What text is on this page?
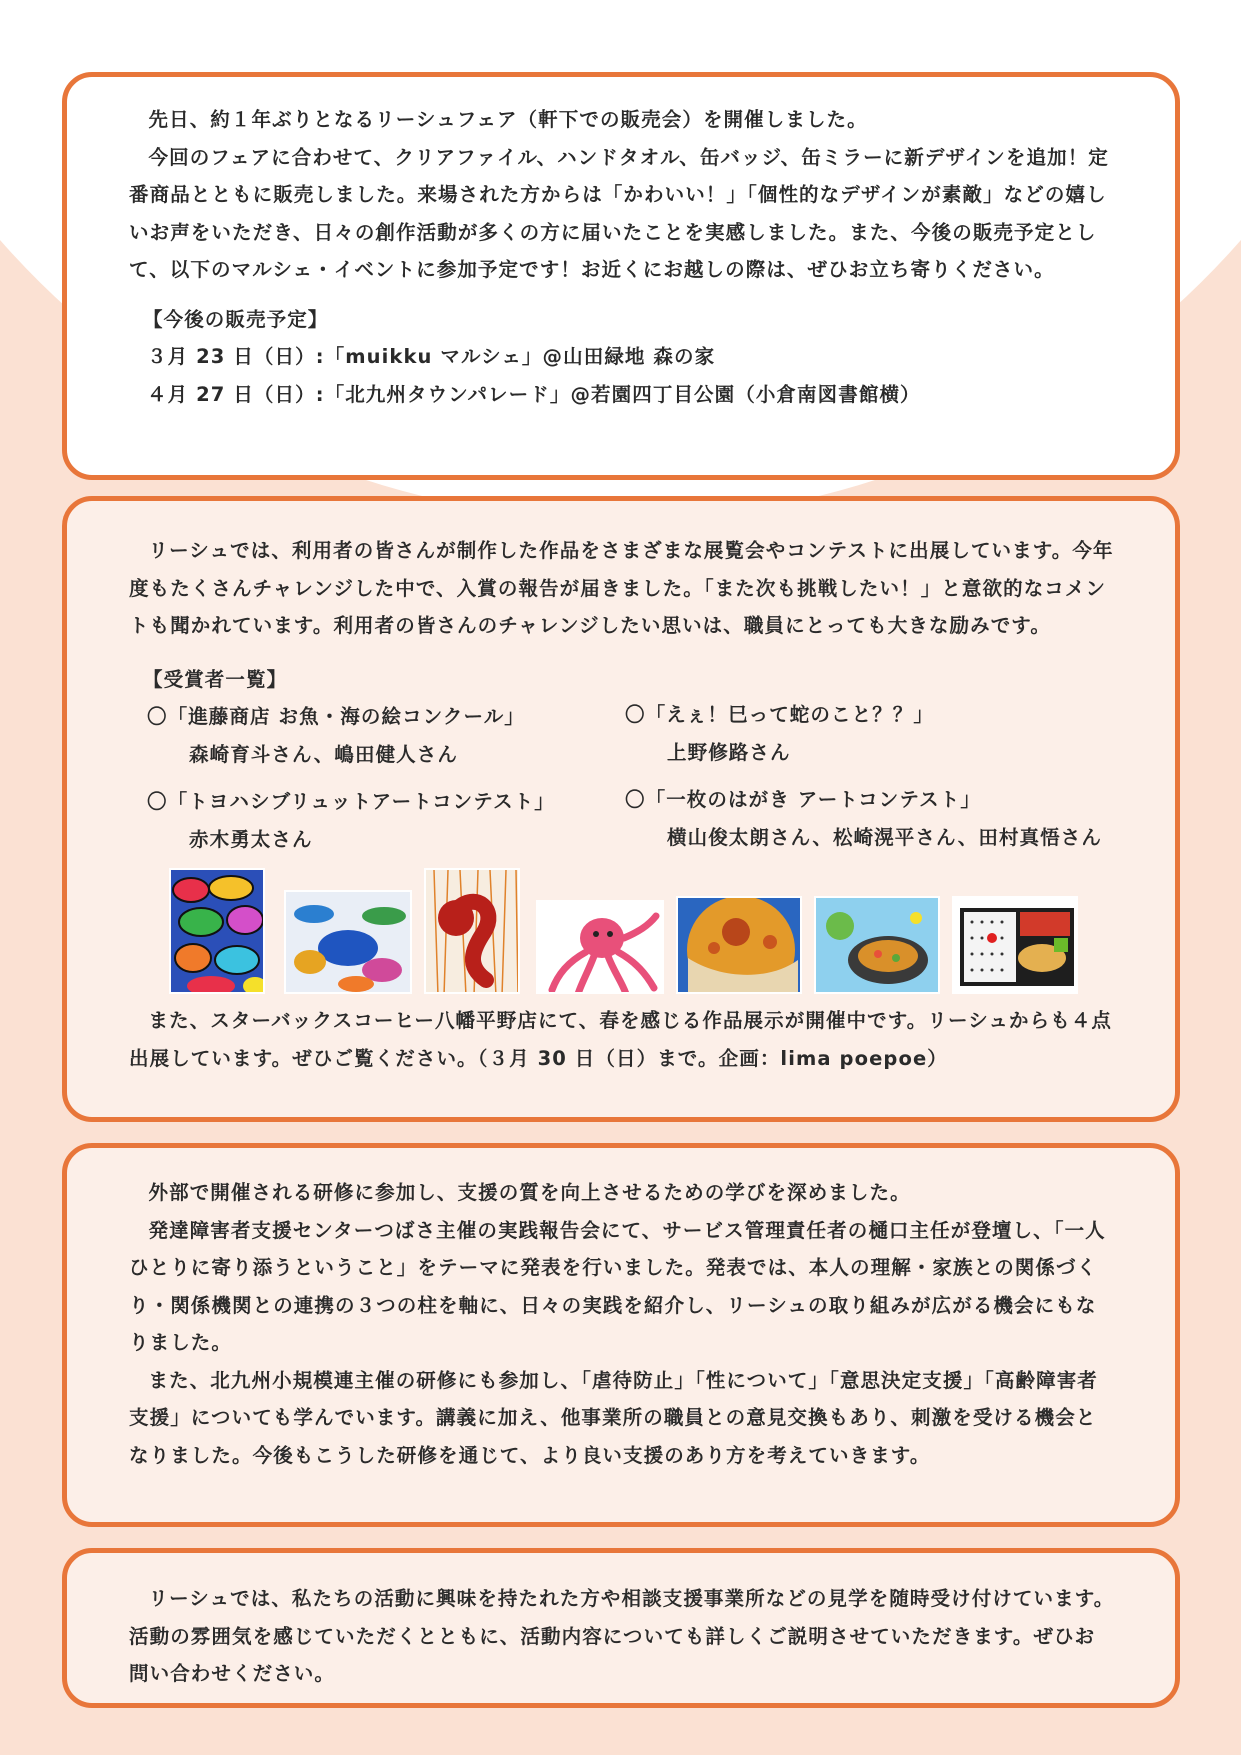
先日、約１年ぶりとなるリーシュフェア（軒下での販売会）を開催しました。

今回のフェアに合わせて、クリアファイル、ハンドタオル、缶バッジ、缶ミラーに新デザインを追加！定番商品とともに販売しました。来場された方からは「かわいい！」「個性的なデザインが素敵」などの嬉しいお声をいただき、日々の創作活動が多くの方に届いたことを実感しました。また、今後の販売予定として、以下のマルシェ・イベントに参加予定です！お近くにお越しの際は、ぜひお立ち寄りください。

【今後の販売予定】

３月 23 日（日）:「muikku マルシェ」@山田緑地 森の家

４月 27 日（日）:「北九州タウンパレード」@若園四丁目公園（小倉南図書館横）

リーシュでは、利用者の皆さんが制作した作品をさまざまな展覧会やコンテストに出展しています。今年度もたくさんチャレンジした中で、入賞の報告が届きました。「また次も挑戦したい！」と意欲的なコメントも聞かれています。利用者の皆さんのチャレンジしたい思いは、職員にとっても大きな励みです。

【受賞者一覧】

〇「進藤商店 お魚・海の絵コンクール」
森崎育斗さん、嶋田健人さん
〇「えぇ！巳って蛇のこと？？」
上野修路さん
〇「トヨハシブリュットアートコンテスト」
赤木勇太さん
〇「一枚のはがき アートコンテスト」
横山俊太朗さん、松崎滉平さん、田村真悟さん

また、スターバックスコーヒー八幡平野店にて、春を感じる作品展示が開催中です。リーシュからも４点出展しています。ぜひご覧ください。（３月 30 日（日）まで。企画：lima poepoe）

外部で開催される研修に参加し、支援の質を向上させるための学びを深めました。

発達障害者支援センターつばさ主催の実践報告会にて、サービス管理責任者の樋口主任が登壇し、「一人ひとりに寄り添うということ」をテーマに発表を行いました。発表では、本人の理解・家族との関係づくり・関係機関との連携の３つの柱を軸に、日々の実践を紹介し、リーシュの取り組みが広がる機会にもなりました。

また、北九州小規模連主催の研修にも参加し、「虐待防止」「性について」「意思決定支援」「高齢障害者支援」についても学んでいます。講義に加え、他事業所の職員との意見交換もあり、刺激を受ける機会となりました。今後もこうした研修を通じて、より良い支援のあり方を考えていきます。

リーシュでは、私たちの活動に興味を持たれた方や相談支援事業所などの見学を随時受け付けています。活動の雰囲気を感じていただくとともに、活動内容についても詳しくご説明させていただきます。ぜひお問い合わせください。
